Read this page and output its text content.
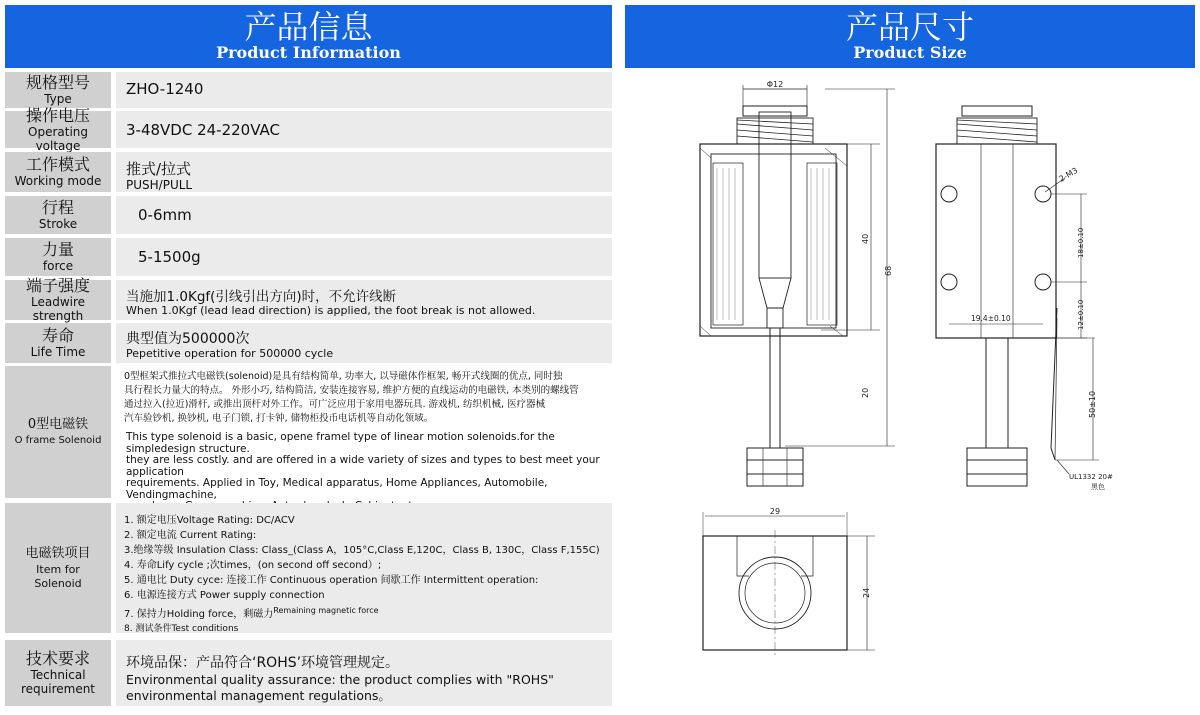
产品信息
Product Information
产品尺寸
Product Size
规格型号
Type
ZHO-1240
操作电压
Operating voltage
3-48VDC 24-220VAC
工作模式
Working mode
推式/拉式
PUSH/PULL
行程
Stroke	0-6mm
力量
force	5-1500g
端子强度
Leadwire strength
当施加1.0Kgf(引线引出方向)时，不允许线断
When 1.0Kgf (lead lead direction) is applied, the foot break is not allowed.
寿命
Life Time
典型值为500000次
Pepetitive operation for 500000 cycle
0型电磁铁
O frame Solenoid
0型框架式推拉式电磁铁(solenoid)是具有结构简单, 功率大, 以导磁体作框架, 畅开式线圈的优点, 同时独
具行程长力量大的特点。 外形小巧, 结构简洁, 安装连接容易, 维护方便的直线运动的电磁铁, 本类别的螺线管
通过拉入(拉近)滑杆, 或推出顶杆对外工作。可广泛应用于家用电器玩具. 游戏机, 纺织机械, 医疗器械
汽车验钞机, 换钞机, 电子门锁, 打卡钟, 储物柜投币电话机等自动化领域。
This type solenoid is a basic, opene framel type of linear motion solenoids.for the simpledesign structure.
they are less costly. and are offered in a wide variety of sizes and types to best meet your application
requirements. Applied in Toy, Medical apparatus, Home Appliances, Automobile, Vendingmachine,
电磁铁项目
Item for
Solenoid
1. 额定电压Voltage Rating: DC/ACV
2. 额定电流 Current Rating:
3.绝缘等级 Insulation Class: Class_(Class A，105°C,Class E,120C，Class B, 130C，Class F,155C)
4. 寿命Lify cycle ;次times，(on second off second）;
5. 通电比 Duty cyce: 连接工作 Continuous operation 间歇工作 Intermittent operation:
6. 电源连接方式 Power supply connection
7. 保持力Holding force，剩磁力$^{Remaining magnetic force}$
8. 测试条件Test conditions
技术要求
Technical
requirement
环境品保：产品符合‘ROHS’环境管理规定。
Environmental quality assurance: the product complies with "ROHS"
environmental management regulations。
Φ12
40
68
20
2-M3
18±0.10
12±0.10
19.4±0.10
50±10
UL1332 20#
黑色
29
24
